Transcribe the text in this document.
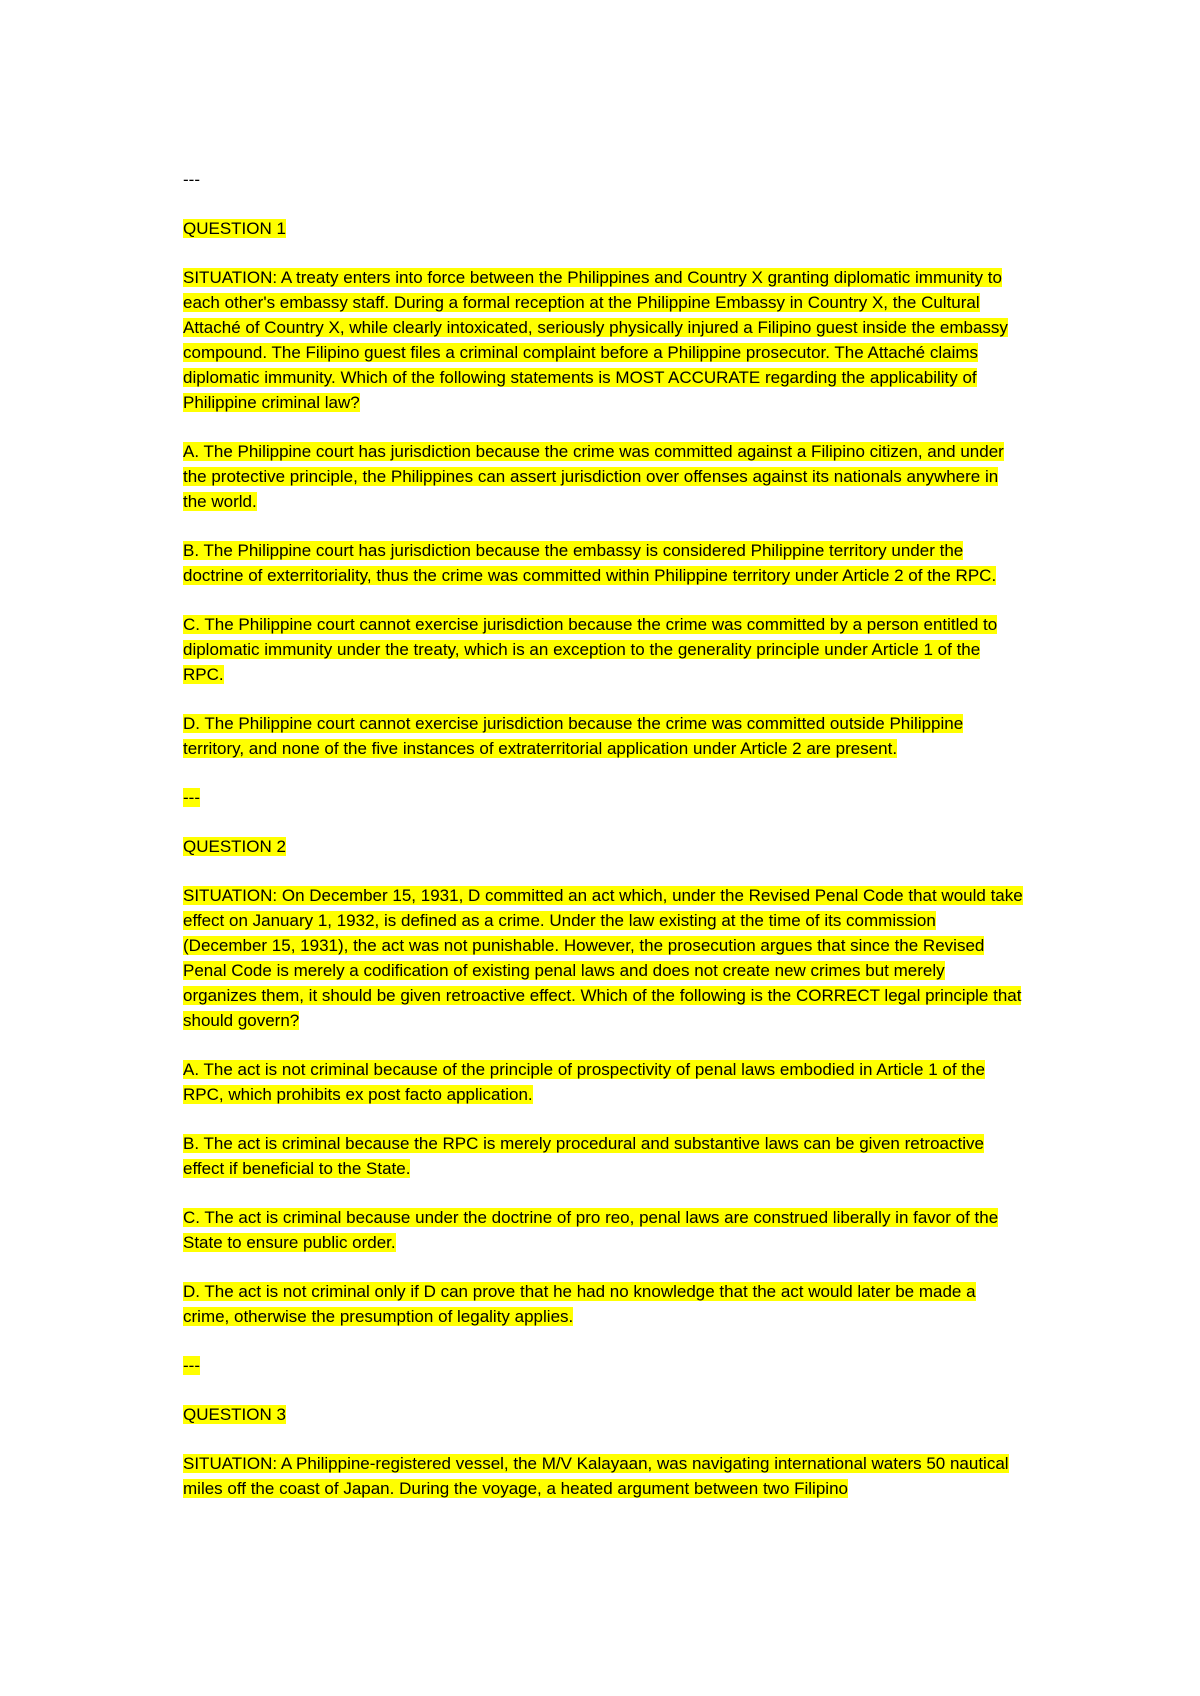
---

QUESTION 1

SITUATION: A treaty enters into force between the Philippines and Country X granting diplomatic immunity to each other's embassy staff. During a formal reception at the Philippine Embassy in Country X, the Cultural Attaché of Country X, while clearly intoxicated, seriously physically injured a Filipino guest inside the embassy compound. The Filipino guest files a criminal complaint before a Philippine prosecutor. The Attaché claims diplomatic immunity. Which of the following statements is MOST ACCURATE regarding the applicability of Philippine criminal law?

A. The Philippine court has jurisdiction because the crime was committed against a Filipino citizen, and under the protective principle, the Philippines can assert jurisdiction over offenses against its nationals anywhere in the world.

B. The Philippine court has jurisdiction because the embassy is considered Philippine territory under the doctrine of exterritoriality, thus the crime was committed within Philippine territory under Article 2 of the RPC.

C. The Philippine court cannot exercise jurisdiction because the crime was committed by a person entitled to diplomatic immunity under the treaty, which is an exception to the generality principle under Article 1 of the RPC.

D. The Philippine court cannot exercise jurisdiction because the crime was committed outside Philippine territory, and none of the five instances of extraterritorial application under Article 2 are present.

---

QUESTION 2

SITUATION: On December 15, 1931, D committed an act which, under the Revised Penal Code that would take effect on January 1, 1932, is defined as a crime. Under the law existing at the time of its commission (December 15, 1931), the act was not punishable. However, the prosecution argues that since the Revised Penal Code is merely a codification of existing penal laws and does not create new crimes but merely organizes them, it should be given retroactive effect. Which of the following is the CORRECT legal principle that should govern?

A. The act is not criminal because of the principle of prospectivity of penal laws embodied in Article 1 of the RPC, which prohibits ex post facto application.

B. The act is criminal because the RPC is merely procedural and substantive laws can be given retroactive effect if beneficial to the State.

C. The act is criminal because under the doctrine of pro reo, penal laws are construed liberally in favor of the State to ensure public order.

D. The act is not criminal only if D can prove that he had no knowledge that the act would later be made a crime, otherwise the presumption of legality applies.

---

QUESTION 3

SITUATION: A Philippine-registered vessel, the M/V Kalayaan, was navigating international waters 50 nautical miles off the coast of Japan. During the voyage, a heated argument between two Filipino
